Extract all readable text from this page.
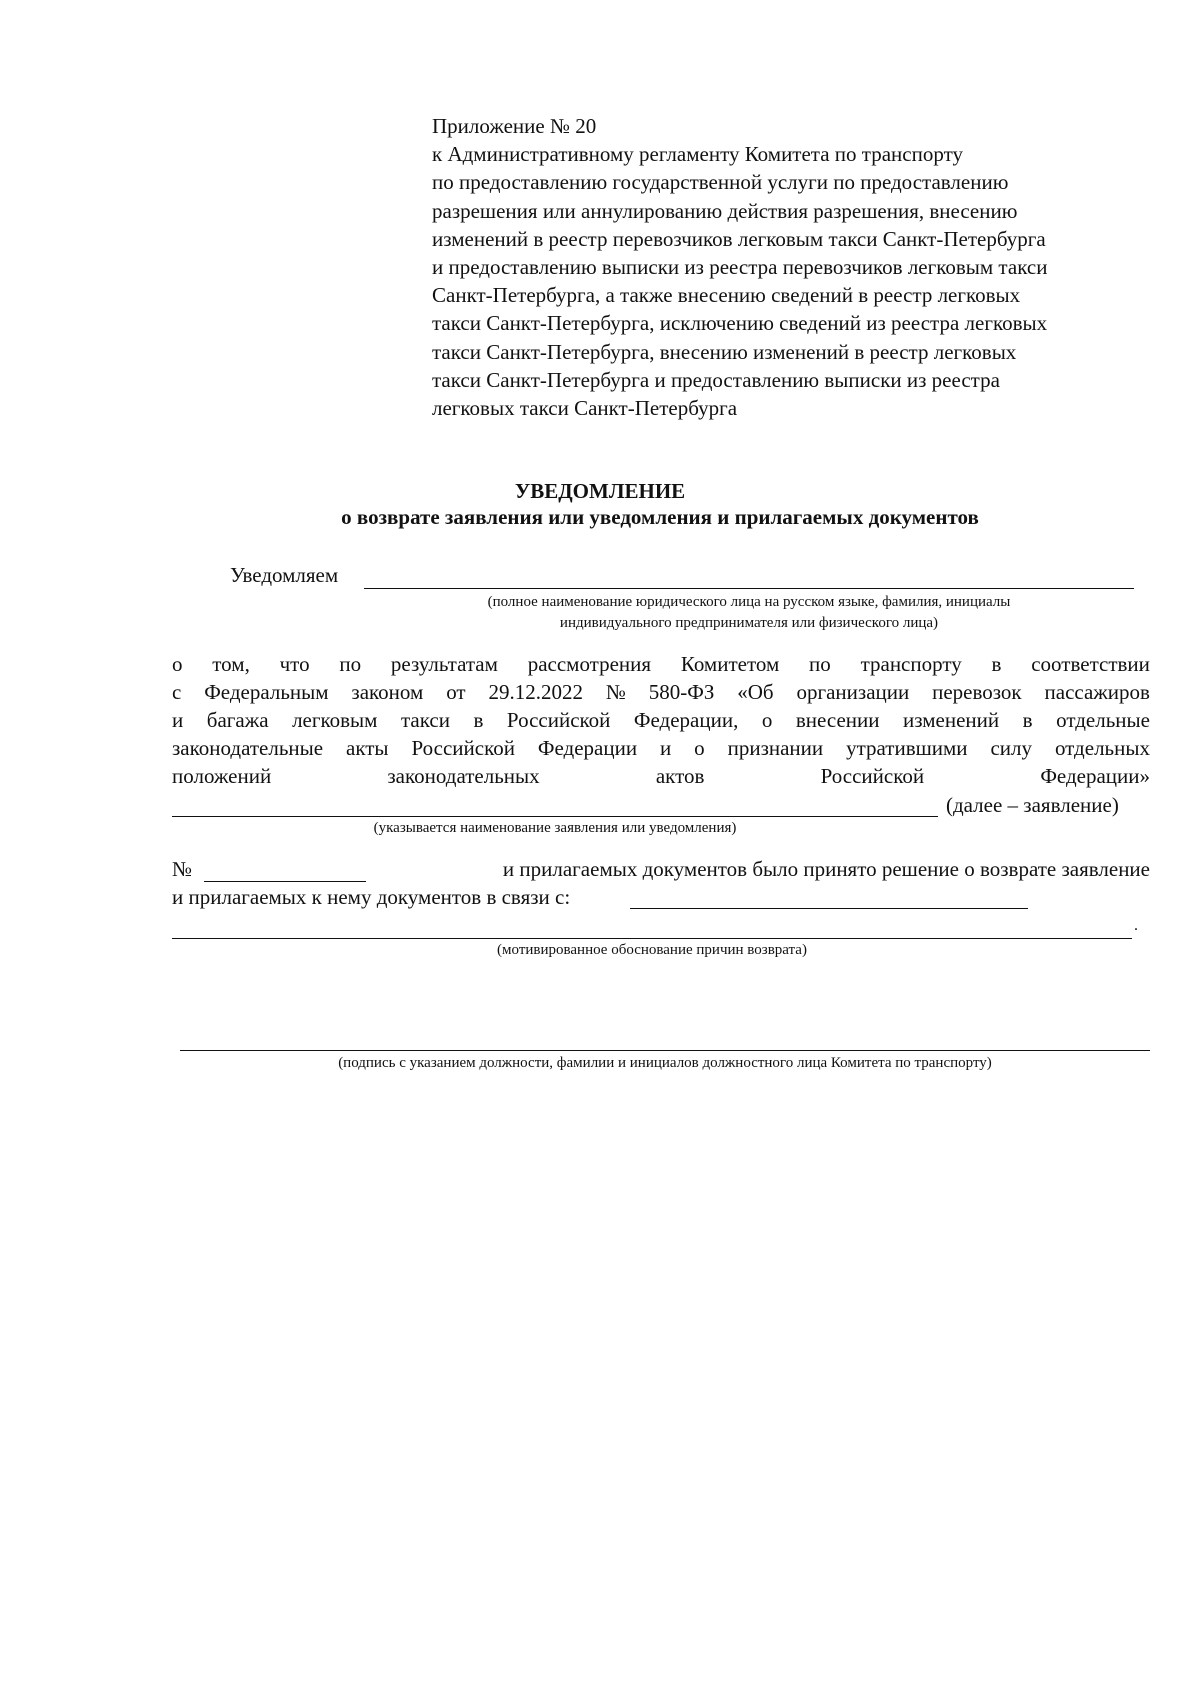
Приложение № 20
к Административному регламенту Комитета по транспорту
по предоставлению государственной услуги по предоставлению
разрешения или аннулированию действия разрешения, внесению
изменений в реестр перевозчиков легковым такси Санкт-Петербурга
и предоставлению выписки из реестра перевозчиков легковым такси
Санкт-Петербурга, а также внесению сведений в реестр легковых
такси Санкт-Петербурга, исключению сведений из реестра легковых
такси Санкт-Петербурга, внесению изменений в реестр легковых
такси Санкт-Петербурга и предоставлению выписки из реестра
легковых такси Санкт-Петербурга
УВЕДОМЛЕНИЕ
о возврате заявления или уведомления и прилагаемых документов
Уведомляем
(полное наименование юридического лица на русском языке, фамилия, инициалы
индивидуального предпринимателя или физического лица)
о том, что по результатам рассмотрения Комитетом по транспорту в соответствии
с Федеральным законом от 29.12.2022 № 580-ФЗ «Об организации перевозок пассажиров
и багажа легковым такси в Российской Федерации, о внесении изменений в отдельные
законодательные акты Российской Федерации и о признании утратившими силу отдельных
положений	законодательных	актов	Российской	Федерации»
(далее – заявление)
(указывается наименование заявления или уведомления)
№	и прилагаемых документов было принято решение о возврате заявление
и прилагаемых к нему документов в связи с:
.
(мотивированное обоснование причин возврата)
(подпись с указанием должности, фамилии и инициалов должностного лица Комитета по транспорту)
